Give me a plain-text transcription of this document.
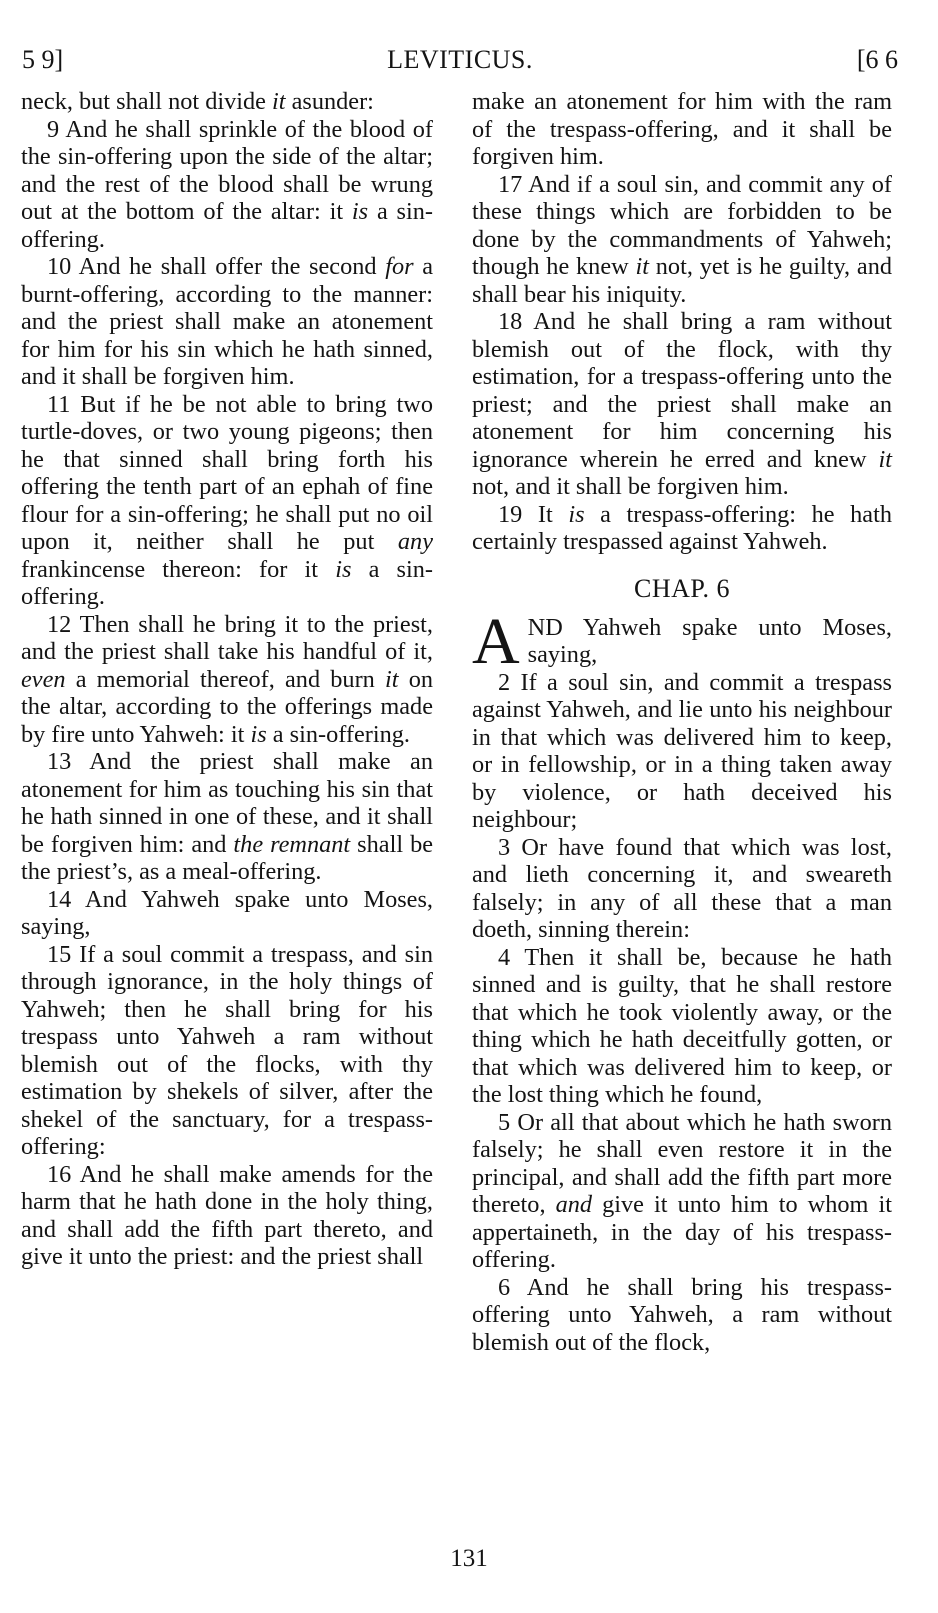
5 9]	LEVITICUS.	[6 6

neck, but shall not divide it asunder:

9 And he shall sprinkle of the blood of the sin-offering upon the side of the altar; and the rest of the blood shall be wrung out at the bottom of the altar: it is a sin-offering.

10 And he shall offer the second for a burnt-offering, according to the manner: and the priest shall make an atonement for him for his sin which he hath sinned, and it shall be forgiven him.

11 But if he be not able to bring two turtle-doves, or two young pigeons; then he that sinned shall bring forth his offering the tenth part of an ephah of fine flour for a sin-offering; he shall put no oil upon it, neither shall he put any frankincense thereon: for it is a sin-offering.

12 Then shall he bring it to the priest, and the priest shall take his handful of it, even a memorial thereof, and burn it on the altar, according to the offerings made by fire unto Yahweh: it is a sin-offering.

13 And the priest shall make an atonement for him as touching his sin that he hath sinned in one of these, and it shall be forgiven him: and the remnant shall be the priest’s, as a meal-offering.

14 And Yahweh spake unto Moses, saying,

15 If a soul commit a trespass, and sin through ignorance, in the holy things of Yahweh; then he shall bring for his trespass unto Yahweh a ram without blemish out of the flocks, with thy estimation by shekels of silver, after the shekel of the sanctuary, for a trespass-offering:

16 And he shall make amends for the harm that he hath done in the holy thing, and shall add the fifth part thereto, and give it unto the priest: and the priest shall

make an atonement for him with the ram of the trespass-offering, and it shall be forgiven him.

17 And if a soul sin, and commit any of these things which are forbidden to be done by the commandments of Yahweh; though he knew it not, yet is he guilty, and shall bear his iniquity.

18 And he shall bring a ram without blemish out of the flock, with thy estimation, for a trespass-offering unto the priest; and the priest shall make an atonement for him concerning his ignorance wherein he erred and knew it not, and it shall be forgiven him.

19 It is a trespass-offering: he hath certainly trespassed against Yahweh.

CHAP. 6
A ND Yahweh spake unto Moses, saying,

2 If a soul sin, and commit a trespass against Yahweh, and lie unto his neighbour in that which was delivered him to keep, or in fellowship, or in a thing taken away by violence, or hath deceived his neighbour;

3 Or have found that which was lost, and lieth concerning it, and sweareth falsely; in any of all these that a man doeth, sinning therein:

4 Then it shall be, because he hath sinned and is guilty, that he shall restore that which he took violently away, or the thing which he hath deceitfully gotten, or that which was delivered him to keep, or the lost thing which he found,

5 Or all that about which he hath sworn falsely; he shall even restore it in the principal, and shall add the fifth part more thereto, and give it unto him to whom it appertaineth, in the day of his trespass-offering.

6 And he shall bring his trespass-offering unto Yahweh, a ram without blemish out of the flock,

131
